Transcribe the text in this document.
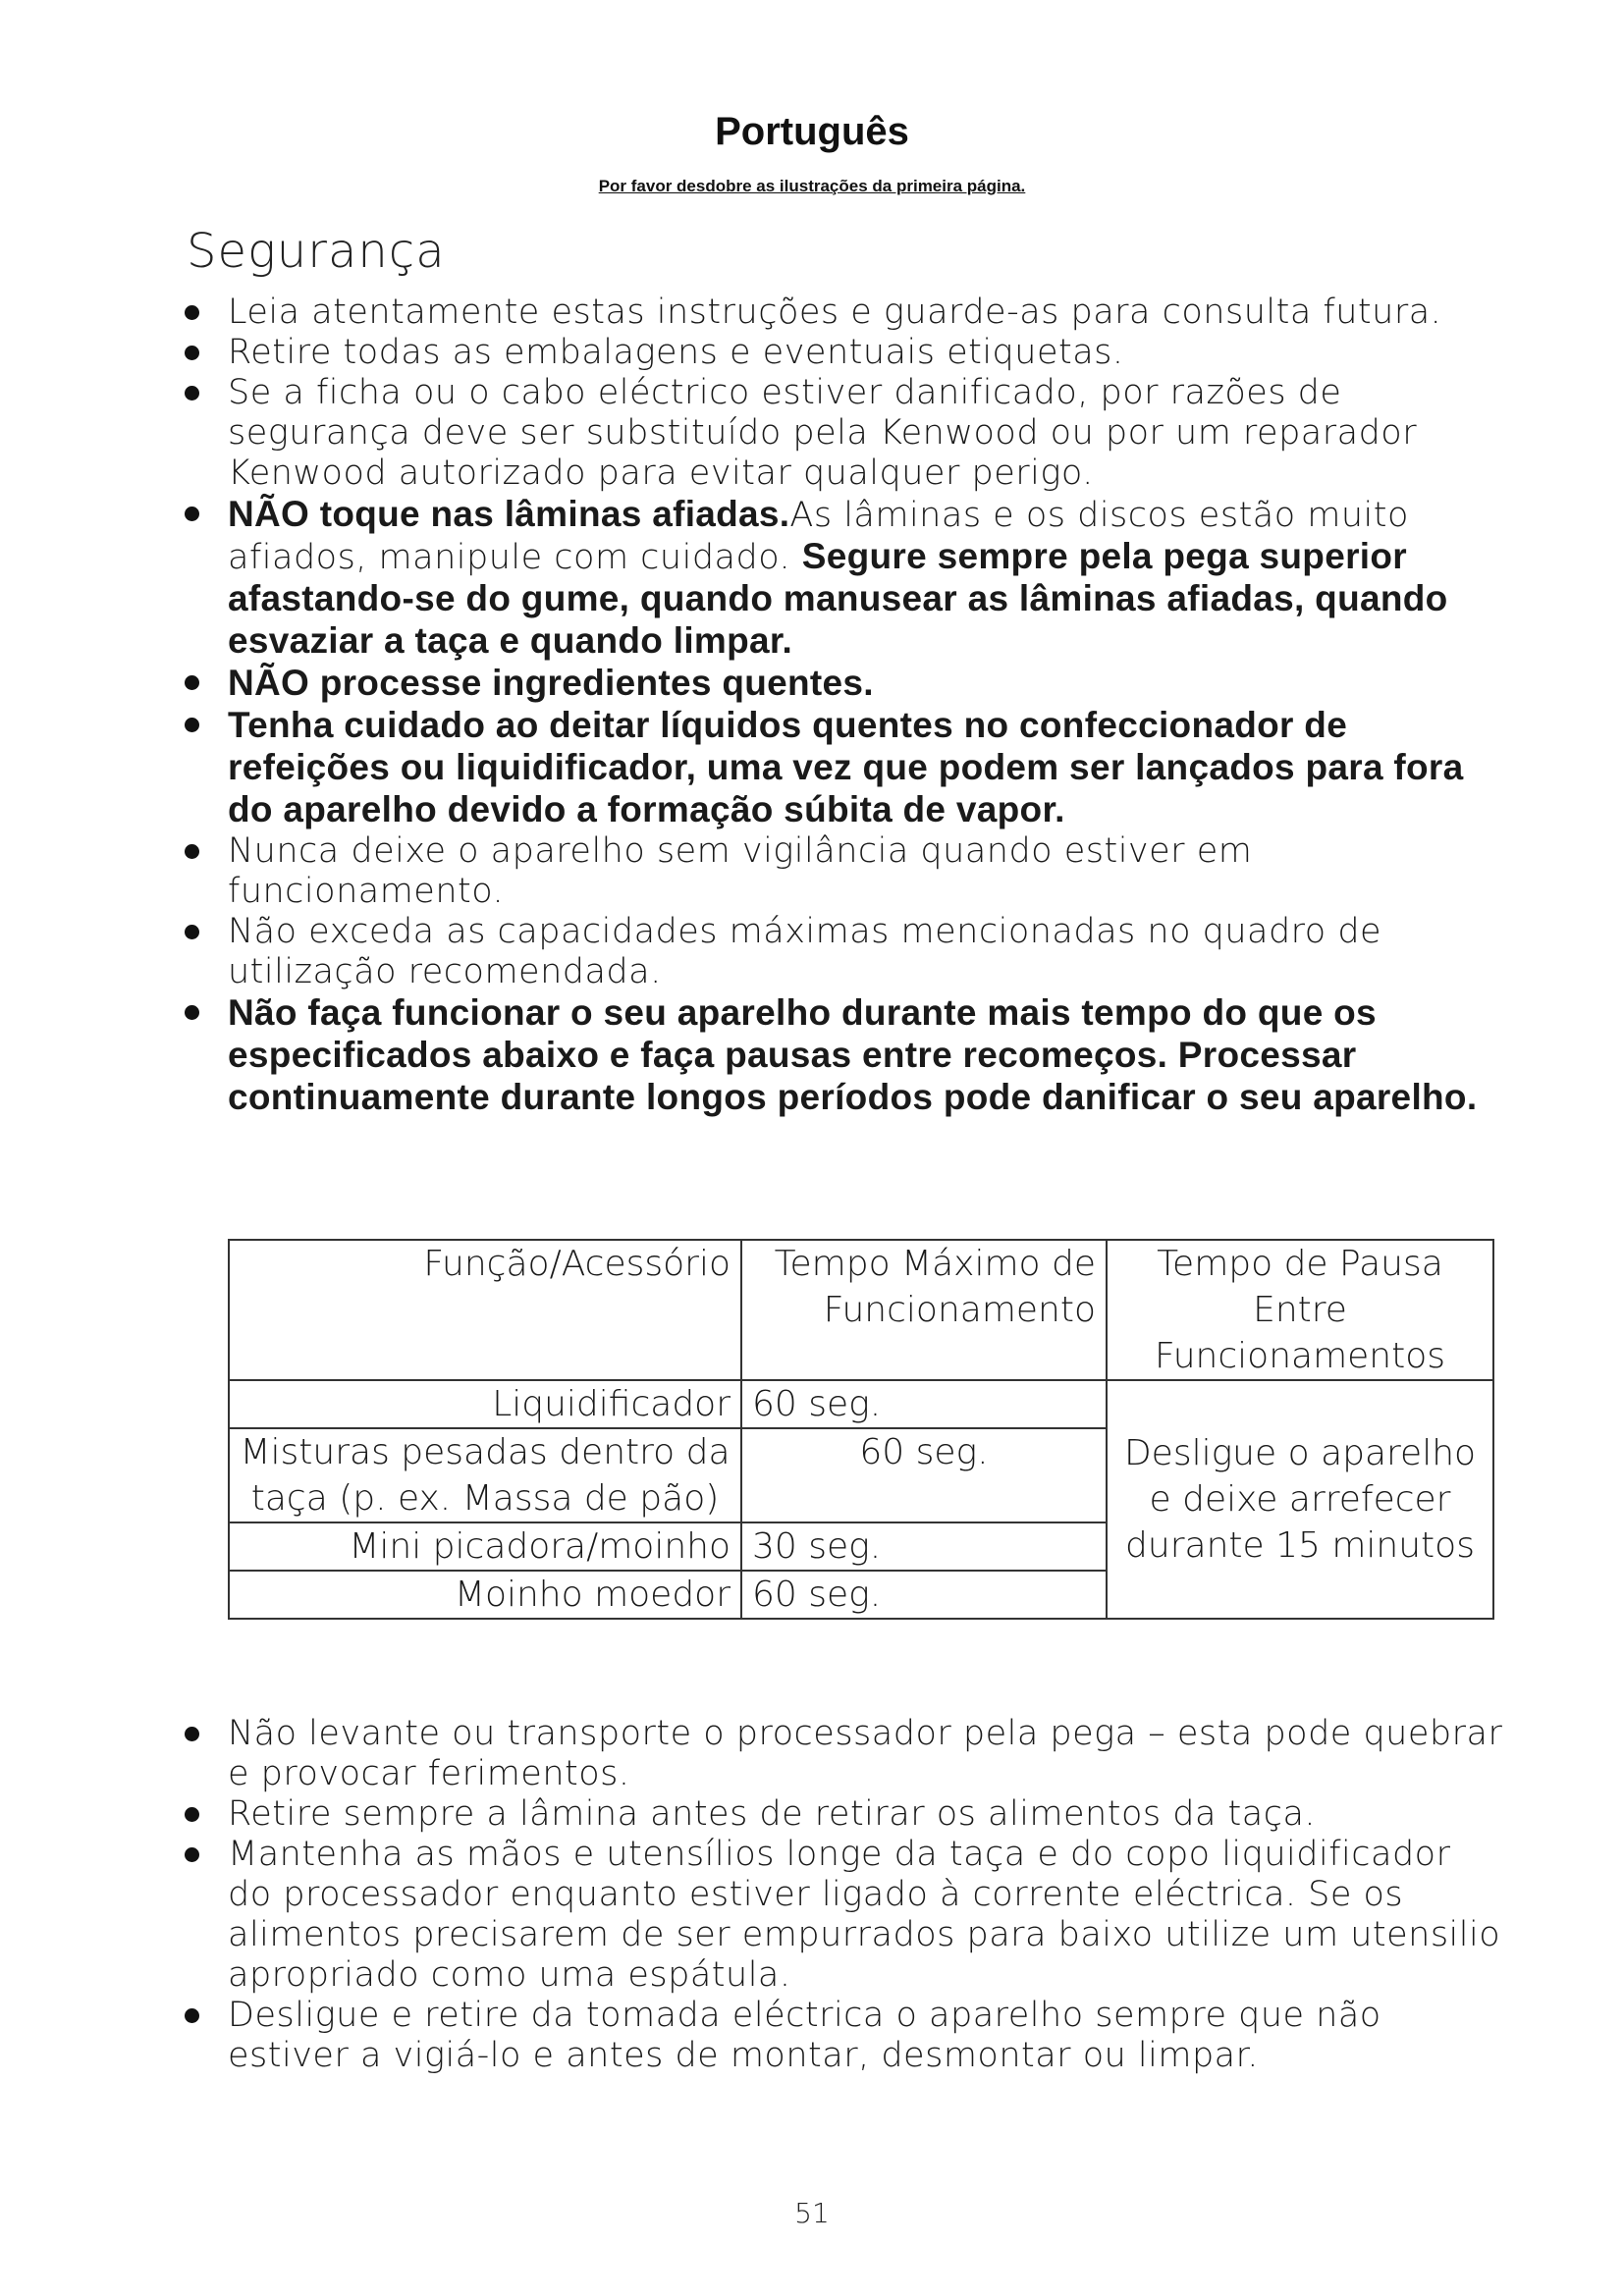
Português
Por favor desdobre as ilustrações da primeira página.
Segurança
Leia atentamente estas instruções e guarde-as para consulta futura.
Retire todas as embalagens e eventuais etiquetas.
Se a ficha ou o cabo eléctrico estiver danificado, por razões de segurança deve ser substituído pela Kenwood ou por um reparador Kenwood autorizado para evitar qualquer perigo.
NÃO toque nas lâminas afiadas.As lâminas e os discos estão muito afiados, manipule com cuidado. Segure sempre pela pega superior afastando-se do gume, quando manusear as lâminas afiadas, quando esvaziar a taça e quando limpar.
NÃO processe ingredientes quentes.
Tenha cuidado ao deitar líquidos quentes no confeccionador de refeições ou liquidificador, uma vez que podem ser lançados para fora do aparelho devido a formação súbita de vapor.
Nunca deixe o aparelho sem vigilância quando estiver em funcionamento.
Não exceda as capacidades máximas mencionadas no quadro de utilização recomendada.
Não faça funcionar o seu aparelho durante mais tempo do que os especificados abaixo e faça pausas entre recomeços. Processar continuamente durante longos períodos pode danificar o seu aparelho.
Função/Acessório	Tempo Máximo de Funcionamento	Tempo de Pausa Entre Funcionamentos
Liquidificador	60 seg.	Desligue o aparelho e deixe arrefecer durante 15 minutos
Misturas pesadas dentro da taça (p. ex. Massa de pão)	60 seg.	
Mini picadora/moinho	30 seg.	
Moinho moedor	60 seg.	
Não levante ou transporte o processador pela pega – esta pode quebrar e provocar ferimentos.
Retire sempre a lâmina antes de retirar os alimentos da taça.
Mantenha as mãos e utensílios longe da taça e do copo liquidificador do processador enquanto estiver ligado à corrente eléctrica. Se os alimentos precisarem de ser empurrados para baixo utilize um utensilio apropriado como uma espátula.
Desligue e retire da tomada eléctrica o aparelho sempre que não estiver a vigiá-lo e antes de montar, desmontar ou limpar.
51
